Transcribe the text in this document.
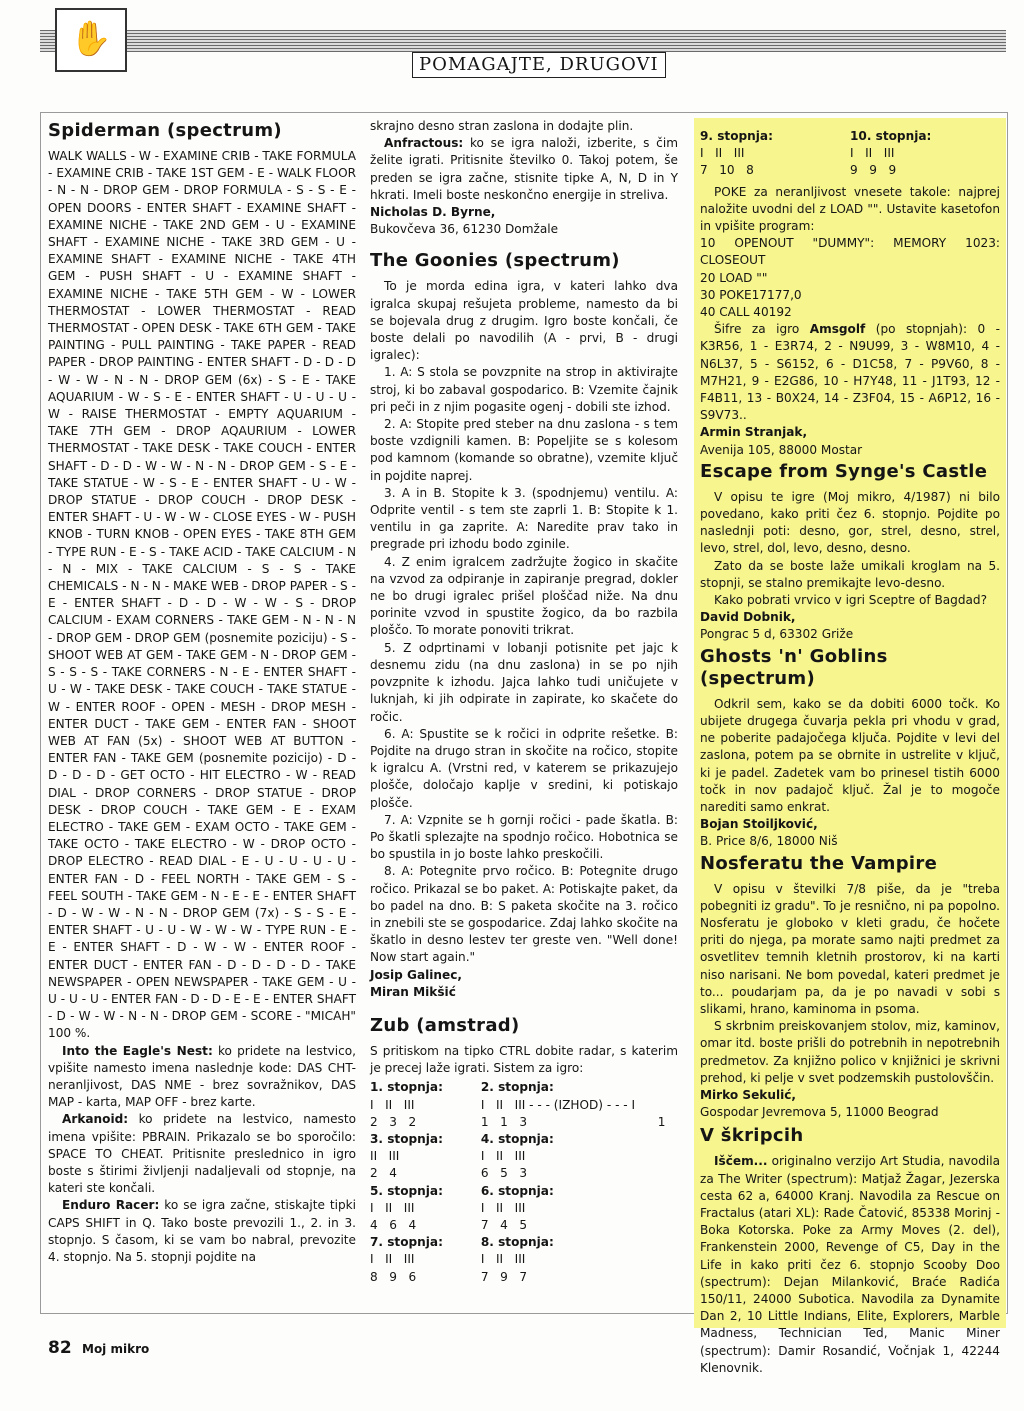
✋
POMAGAJTE, DRUGOVI
Spiderman (spectrum)

WALK WALLS - W - EXAMINE CRIB - TAKE FORMULA - EXAMINE CRIB - TAKE 1ST GEM - E - WALK FLOOR - N - N - DROP GEM - DROP FORMULA - S - S - E - OPEN DOORS - ENTER SHAFT - EXAMINE SHAFT - EXAMINE NICHE - TAKE 2ND GEM - U - EXAMINE SHAFT - EXAMINE NICHE - TAKE 3RD GEM - U - EXAMINE SHAFT - EXAMINE NICHE - TAKE 4TH GEM - PUSH SHAFT - U - EXAMINE SHAFT - EXAMINE NICHE - TAKE 5TH GEM - W - LOWER THERMOSTAT - LOWER THERMOSTAT - READ THERMOSTAT - OPEN DESK - TAKE 6TH GEM - TAKE PAINTING - PULL PAINTING - TAKE PAPER - READ PAPER - DROP PAINTING - ENTER SHAFT - D - D - D - W - W - N - N - DROP GEM (6x) - S - E - TAKE AQUARIUM - W - S - E - ENTER SHAFT - U - U - U - W - RAISE THERMOSTAT - EMPTY AQUARIUM - TAKE 7TH GEM - DROP AQAURIUM - LOWER THERMOSTAT - TAKE DESK - TAKE COUCH - ENTER SHAFT - D - D - W - W - N - N - DROP GEM - S - E - TAKE STATUE - W - S - E - ENTER SHAFT - U - W - DROP STATUE - DROP COUCH - DROP DESK - ENTER SHAFT - U - W - W - CLOSE EYES - W - PUSH KNOB - TURN KNOB - OPEN EYES - TAKE 8TH GEM - TYPE RUN - E - S - TAKE ACID - TAKE CALCIUM - N - N - MIX - TAKE CALCIUM - S - S - TAKE CHEMICALS - N - N - MAKE WEB - DROP PAPER - S - E - ENTER SHAFT - D - D - W - W - S - DROP CALCIUM - EXAM CORNERS - TAKE GEM - N - N - N - DROP GEM - DROP GEM (posnemite poziciju) - S - SHOOT WEB AT GEM - TAKE GEM - N - DROP GEM - S - S - S - TAKE CORNERS - N - E - ENTER SHAFT - U - W - TAKE DESK - TAKE COUCH - TAKE STATUE - W - ENTER ROOF - OPEN - MESH - DROP MESH - ENTER DUCT - TAKE GEM - ENTER FAN - SHOOT WEB AT FAN (5x) - SHOOT WEB AT BUTTON - ENTER FAN - TAKE GEM (posnemite pozicijo) - D - D - D - D - GET OCTO - HIT ELECTRO - W - READ DIAL - DROP CORNERS - DROP STATUE - DROP DESK - DROP COUCH - TAKE GEM - E - EXAM ELECTRO - TAKE GEM - EXAM OCTO - TAKE GEM - TAKE OCTO - TAKE ELECTRO - W - DROP OCTO - DROP ELECTRO - READ DIAL - E - U - U - U - U - ENTER FAN - D - FEEL NORTH - TAKE GEM - S - FEEL SOUTH - TAKE GEM - N - E - E - ENTER SHAFT - D - W - W - N - N - DROP GEM (7x) - S - S - E - ENTER SHAFT - U - U - W - W - W - TYPE RUN - E - E - ENTER SHAFT - D - W - W - ENTER ROOF - ENTER DUCT - ENTER FAN - D - D - D - D - TAKE NEWSPAPER - OPEN NEWSPAPER - TAKE GEM - U - U - U - U - ENTER FAN - D - D - E - E - ENTER SHAFT - D - W - W - N - N - DROP GEM - SCORE - "MICAH" 100 %.

Into the Eagle's Nest: ko pridete na lestvico, vpišite namesto imena naslednje kode: DAS CHT- neranljivost, DAS NME - brez sovražnikov, DAS MAP - karta, MAP OFF - brez karte.

Arkanoid: ko pridete na lestvico, namesto imena vpišite: PBRAIN. Prikazalo se bo sporočilo: SPACE TO CHEAT. Pritisnite preslednico in igro boste s štirimi življenji nadaljevali od stopnje, na kateri ste končali.

Enduro Racer: ko se igra začne, stiskajte tipki CAPS SHIFT in Q. Tako boste prevozili 1., 2. in 3. stopnjo. S časom, ki se vam bo nabral, prevozite 4. stopnjo. Na 5. stopnji pojdite na

skrajno desno stran zaslona in dodajte plin.

Anfractous: ko se igra naloži, izberite, s čim želite igrati. Pritisnite številko 0. Takoj potem, še preden se igra začne, stisnite tipke A, N, D in Y hkrati. Imeli boste neskončno energije in streliva.

Nicholas D. Byrne,

Bukovčeva 36, 61230 Domžale

The Goonies (spectrum)

To je morda edina igra, v kateri lahko dva igralca skupaj rešujeta probleme, namesto da bi se bojevala drug z drugim. Igro boste končali, če boste delali po navodilih (A - prvi, B - drugi igralec):

1. A: S stola se povzpnite na strop in aktivirajte stroj, ki bo zabaval gospodarico. B: Vzemite čajnik pri peči in z njim pogasite ogenj - dobili ste izhod.

2. A: Stopite pred steber na dnu zaslona - s tem boste vzdignili kamen. B: Popeljite se s kolesom pod kamnom (komande so obratne), vzemite ključ in pojdite naprej.

3. A in B. Stopite k 3. (spodnjemu) ventilu. A: Odprite ventil - s tem ste zaprli 1. B: Stopite k 1. ventilu in ga zaprite. A: Naredite prav tako in pregrade pri izhodu bodo zginile.

4. Z enim igralcem zadržujte žogico in skačite na vzvod za odpiranje in zapiranje pregrad, dokler ne bo drugi igralec prišel ploščad niže. Na dnu porinite vzvod in spustite žogico, da bo razbila ploščo. To morate ponoviti trikrat.

5. Z odprtinami v lobanji potisnite pet jajc k desnemu zidu (na dnu zaslona) in se po njih povzpnite k izhodu. Jajca lahko tudi uničujete v luknjah, ki jih odpirate in zapirate, ko skačete do ročic.

6. A: Spustite se k ročici in odprite rešetke. B: Pojdite na drugo stran in skočite na ročico, stopite k igralcu A. (Vrstni red, v katerem se prikazujejo plošče, določajo kaplje v sredini, ki potiskajo plošče.

7. A: Vzpnite se h gornji ročici - pade škatla. B: Po škatli splezajte na spodnjo ročico. Hobotnica se bo spustila in jo boste lahko preskočili.

8. A: Potegnite prvo ročico. B: Potegnite drugo ročico. Prikazal se bo paket. A: Potiskajte paket, da bo padel na dno. B: S paketa skočite na 3. ročico in znebili ste se gospodarice. Zdaj lahko skočite na škatlo in desno lestev ter greste ven. "Well done! Now start again."

Josip Galinec,

Miran Mikšić

Zub (amstrad)

S pritiskom na tipko CTRL dobite radar, s katerim je precej laže igrati. Sistem za igro:

1. stopnja:
I   II   III
2   3   2
2. stopnja:
I   II   III - - - (IZHOD) - - - I
1   1   3                                  1
3. stopnja:
II   III
2   4
4. stopnja:
I   II   III
6   5   3
5. stopnja:
I   II   III
4   6   4
6. stopnja:
I   II   III
7   4   5
7. stopnja:
I   II   III
8   9   6
8. stopnja:
I   II   III
7   9   7
9. stopnja:
I   II   III
7   10   8
10. stopnja:
I   II   III
9   9   9

POKE za neranljivost vnesete takole: najprej naložite uvodni del z LOAD "". Ustavite kasetofon in vpišite program:

10 OPENOUT "DUMMY": MEMORY 1023: CLOSEOUT

20 LOAD ""

30 POKE17177,0

40 CALL 40192

Šifre za igro Amsgolf (po stopnjah): 0 - K3R56, 1 - E3R74, 2 - N9U99, 3 - W8M10, 4 - N6L37, 5 - S6152, 6 - D1C58, 7 - P9V60, 8 - M7H21, 9 - E2G86, 10 - H7Y48, 11 - J1T93, 12 - F4B11, 13 - B0X24, 14 - Z3F04, 15 - A6P12, 16 - S9V73..

Armin Stranjak,

Avenija 105, 88000 Mostar

Escape from Synge's Castle

V opisu te igre (Moj mikro, 4/1987) ni bilo povedano, kako priti čez 6. stopnjo. Pojdite po naslednji poti: desno, gor, strel, desno, strel, levo, strel, dol, levo, desno, desno.

Zato da se boste laže umikali kroglam na 5. stopnji, se stalno premikajte levo-desno.

Kako pobrati vrvico v igri Sceptre of Bagdad?

David Dobnik,

Pongrac 5 d, 63302 Griže

Ghosts 'n' Goblins (spectrum)

Odkril sem, kako se da dobiti 6000 točk. Ko ubijete drugega čuvarja pekla pri vhodu v grad, ne poberite padajočega ključa. Pojdite v levi del zaslona, potem pa se obrnite in ustrelite v ključ, ki je padel. Zadetek vam bo prinesel tistih 6000 točk in nov padajoč ključ. Žal je to mogoče narediti samo enkrat.

Bojan Stoiljković,

B. Price 8/6, 18000 Niš

Nosferatu the Vampire

V opisu v številki 7/8 piše, da je "treba pobegniti iz gradu". To je resnično, ni pa popolno. Nosferatu je globoko v kleti gradu, če hočete priti do njega, pa morate samo najti predmet za osvetlitev temnih kletnih prostorov, ki na karti niso narisani. Ne bom povedal, kateri predmet je to... poudarjam pa, da je po navadi v sobi s slikami, hrano, kaminoma in psoma.

S skrbnim preiskovanjem stolov, miz, kaminov, omar itd. boste prišli do potrebnih in nepotrebnih predmetov. Za knjižno polico v knjižnici je skrivni prehod, ki pelje v svet podzemskih pustolovščin.

Mirko Sekulić,

Gospodar Jevremova 5, 11000 Beograd

V škripcih

Iščem... originalno verzijo Art Studia, navodila za The Writer (spectrum): Matjaž Žagar, Jezerska cesta 62 a, 64000 Kranj. Navodila za Rescue on Fractalus (atari XL): Rade Čatović, 85338 Morinj - Boka Kotorska. Poke za Army Moves (2. del), Frankenstein 2000, Revenge of C5, Day in the Life in kako priti čez 6. stopnjo Scooby Doo (spectrum): Dejan Milanković, Braće Radića 150/11, 24000 Subotica. Navodila za Dynamite Dan 2, 10 Little Indians, Elite, Explorers, Marble Madness, Technician Ted, Manic Miner (spectrum): Damir Rosandić, Vočnjak 1, 42244 Klenovnik.

82 Moj mikro
